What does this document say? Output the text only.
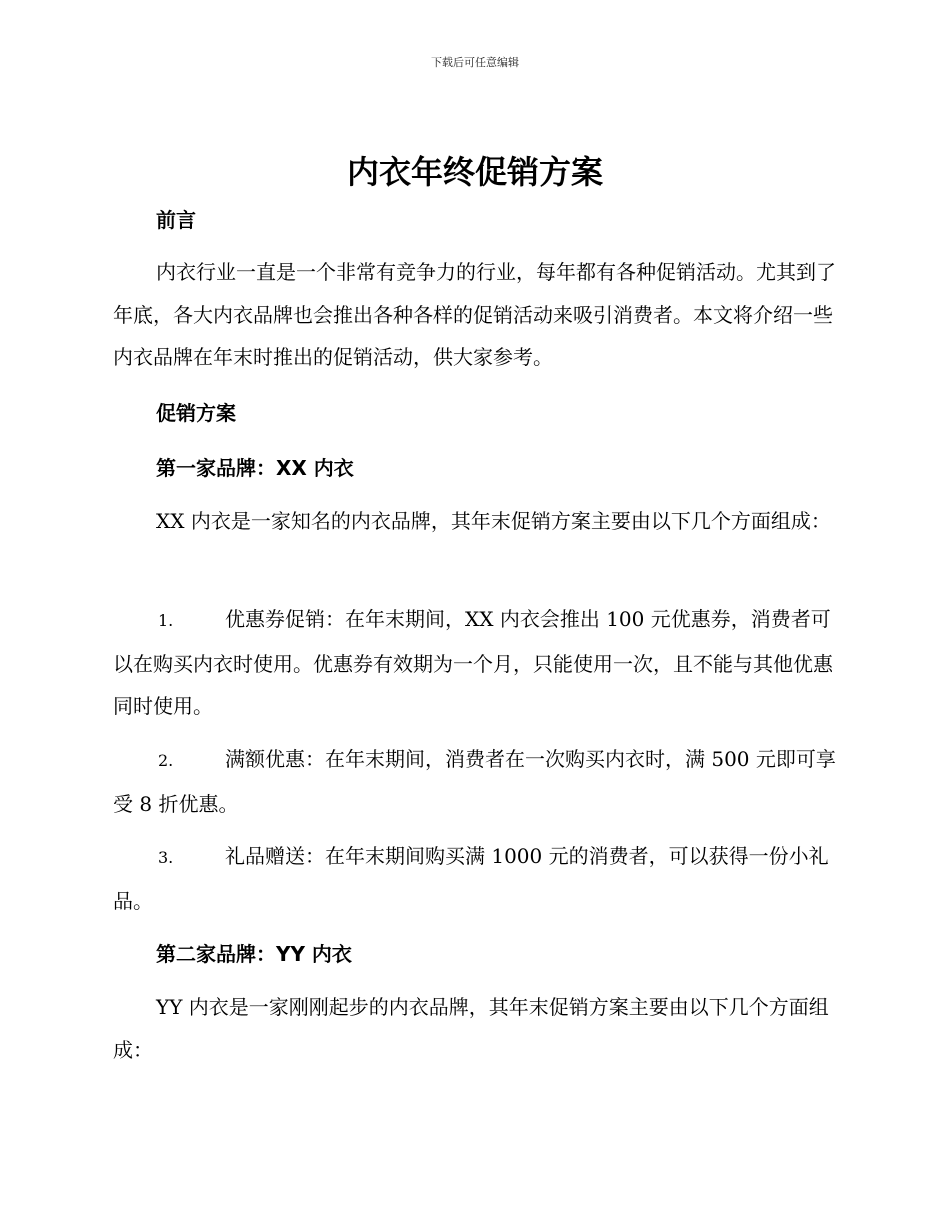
下载后可任意编辑
内衣年终促销方案
前言

内衣行业一直是一个非常有竞争力的行业，每年都有各种促销活动。尤其到了年底，各大内衣品牌也会推出各种各样的促销活动来吸引消费者。本文将介绍一些内衣品牌在年末时推出的促销活动，供大家参考。

促销方案
第一家品牌：XX 内衣

XX 内衣是一家知名的内衣品牌，其年末促销方案主要由以下几个方面组成：

1.	优惠券促销：在年末期间，XX 内衣会推出 100 元优惠券，消费者可以在购买内衣时使用。优惠券有效期为一个月，只能使用一次，且不能与其他优惠同时使用。

2.	满额优惠：在年末期间，消费者在一次购买内衣时，满 500 元即可享受 8 折优惠。

3.	礼品赠送：在年末期间购买满 1000 元的消费者，可以获得一份小礼品。

第二家品牌：YY 内衣

YY 内衣是一家刚刚起步的内衣品牌，其年末促销方案主要由以下几个方面组成：
